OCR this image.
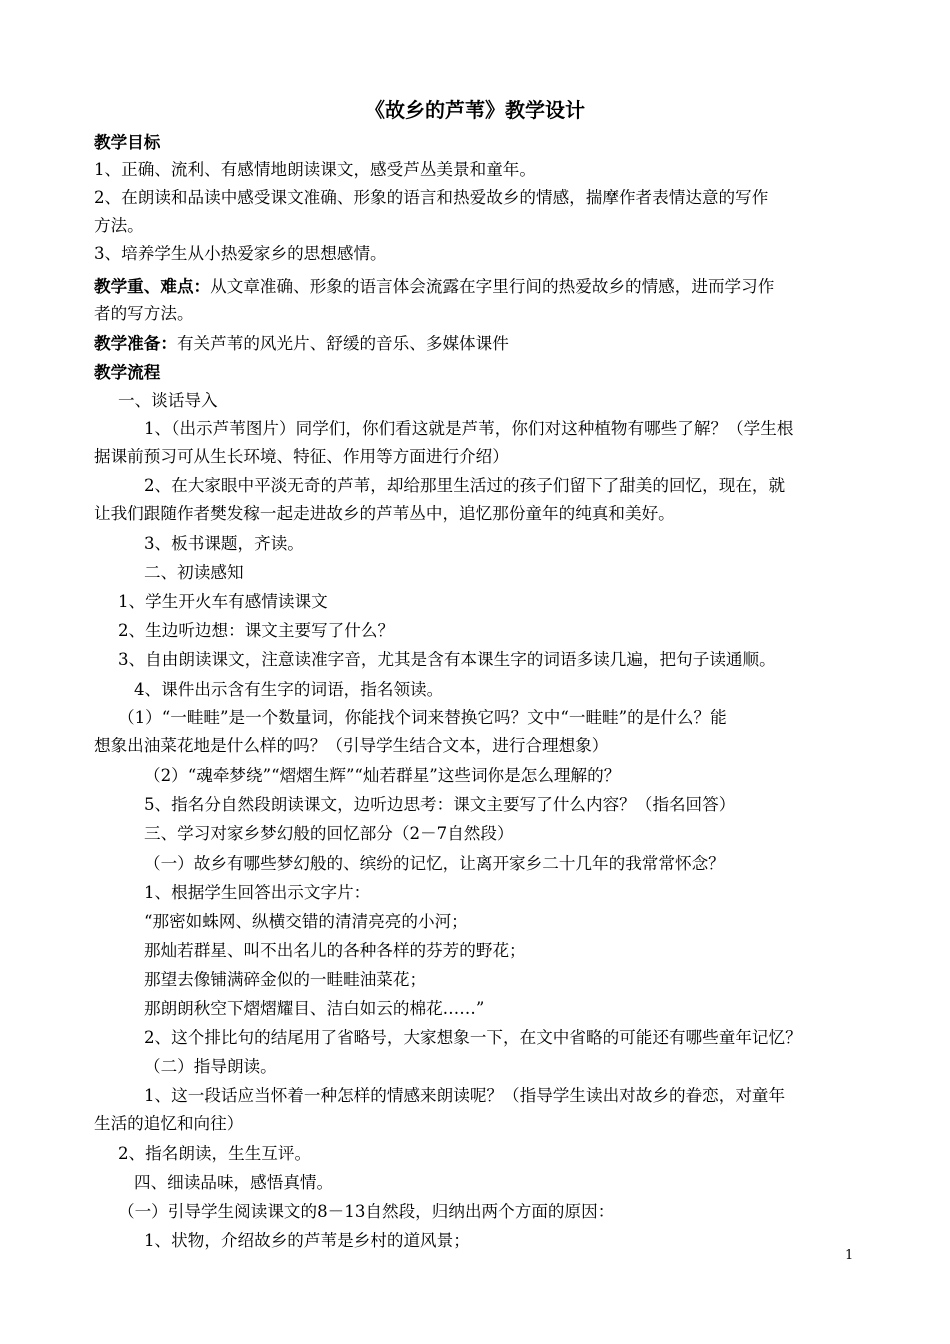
《故乡的芦苇》教学设计
教学目标
1、正确、流利、有感情地朗读课文，感受芦丛美景和童年。
2、在朗读和品读中感受课文准确、形象的语言和热爱故乡的情感，揣摩作者表情达意的写作
方法。
3、培养学生从小热爱家乡的思想感情。
教学重、难点：从文章准确、形象的语言体会流露在字里行间的热爱故乡的情感，进而学习作
者的写方法。
教学准备：有关芦苇的风光片、舒缓的音乐、多媒体课件
教学流程
一、谈话导入
1、（出示芦苇图片）同学们，你们看这就是芦苇，你们对这种植物有哪些了解？（学生根
据课前预习可从生长环境、特征、作用等方面进行介绍）
2、在大家眼中平淡无奇的芦苇，却给那里生活过的孩子们留下了甜美的回忆，现在，就
让我们跟随作者樊发稼一起走进故乡的芦苇丛中，追忆那份童年的纯真和美好。
3、板书课题，齐读。
二、初读感知
1、学生开火车有感情读课文
2、生边听边想：课文主要写了什么？
3、自由朗读课文，注意读准字音，尤其是含有本课生字的词语多读几遍，把句子读通顺。
4、课件出示含有生字的词语，指名领读。
（1）“一畦畦”是一个数量词，你能找个词来替换它吗？文中“一畦畦”的是什么？能
想象出油菜花地是什么样的吗？（引导学生结合文本，进行合理想象）
（2）“魂牵梦绕”“熠熠生辉”“灿若群星”这些词你是怎么理解的？
5、指名分自然段朗读课文，边听边思考：课文主要写了什么内容？（指名回答）
三、学习对家乡梦幻般的回忆部分（2－7自然段）
（一）故乡有哪些梦幻般的、缤纷的记忆，让离开家乡二十几年的我常常怀念？
1、根据学生回答出示文字片：
“那密如蛛网、纵横交错的清清亮亮的小河；
那灿若群星、叫不出名儿的各种各样的芬芳的野花；
那望去像铺满碎金似的一畦畦油菜花；
那朗朗秋空下熠熠耀目、洁白如云的棉花……”
2、这个排比句的结尾用了省略号，大家想象一下，在文中省略的可能还有哪些童年记忆？
（二）指导朗读。
1、这一段话应当怀着一种怎样的情感来朗读呢？（指导学生读出对故乡的眷恋，对童年
生活的追忆和向往）
2、指名朗读，生生互评。
四、细读品味，感悟真情。
（一）引导学生阅读课文的8－13自然段，归纳出两个方面的原因：
1、状物，介绍故乡的芦苇是乡村的道风景；
1
